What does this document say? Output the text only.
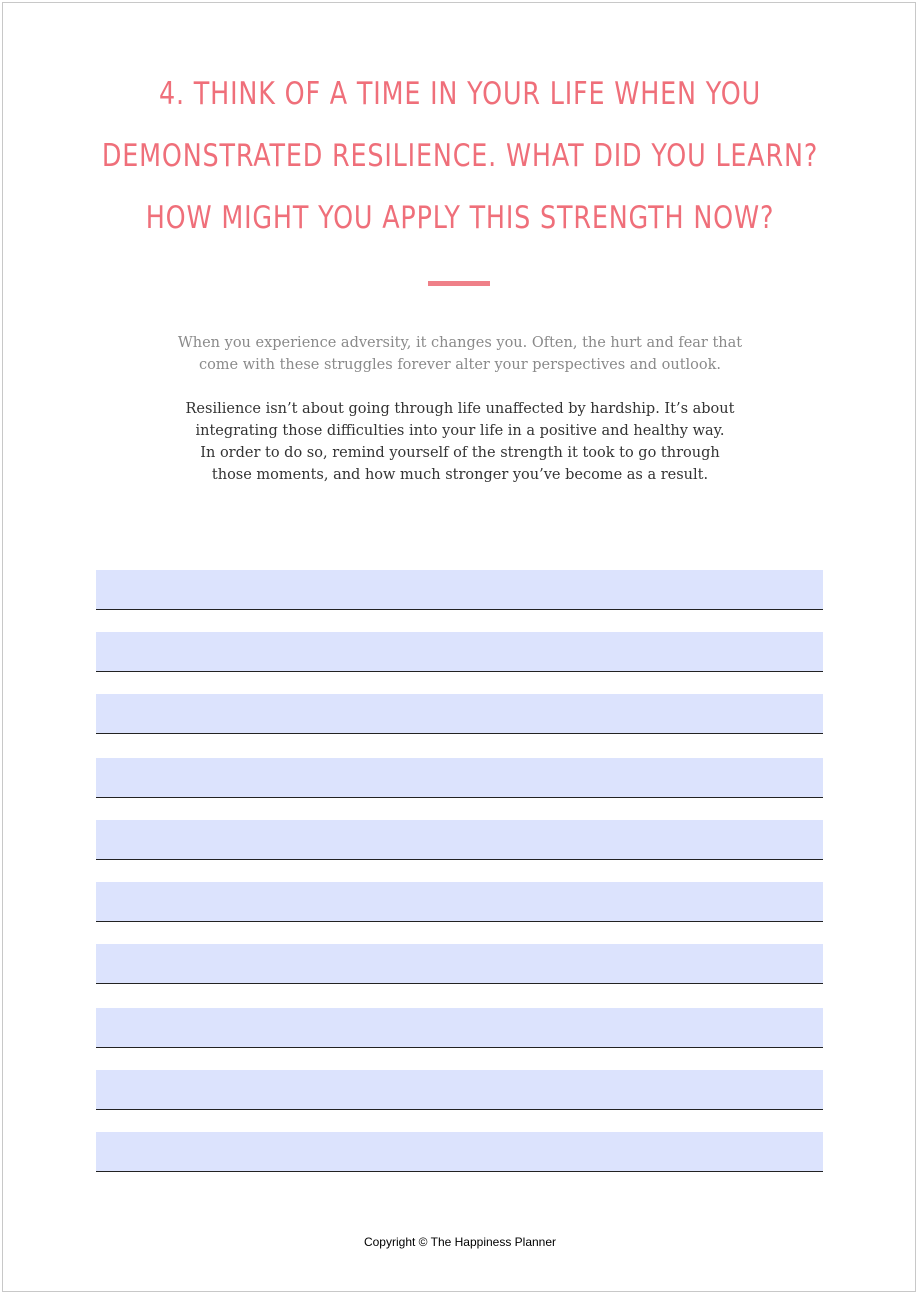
4. THINK OF A TIME IN YOUR LIFE WHEN YOU
DEMONSTRATED RESILIENCE. WHAT DID YOU LEARN?
HOW MIGHT YOU APPLY THIS STRENGTH NOW?

When you experience adversity, it changes you. Often, the hurt and fear that
come with these struggles forever alter your perspectives and outlook.

Resilience isn’t about going through life unaffected by hardship. It’s about
integrating those difficulties into your life in a positive and healthy way.
In order to do so, remind yourself of the strength it took to go through
those moments, and how much stronger you’ve become as a result.

Copyright © The Happiness Planner
